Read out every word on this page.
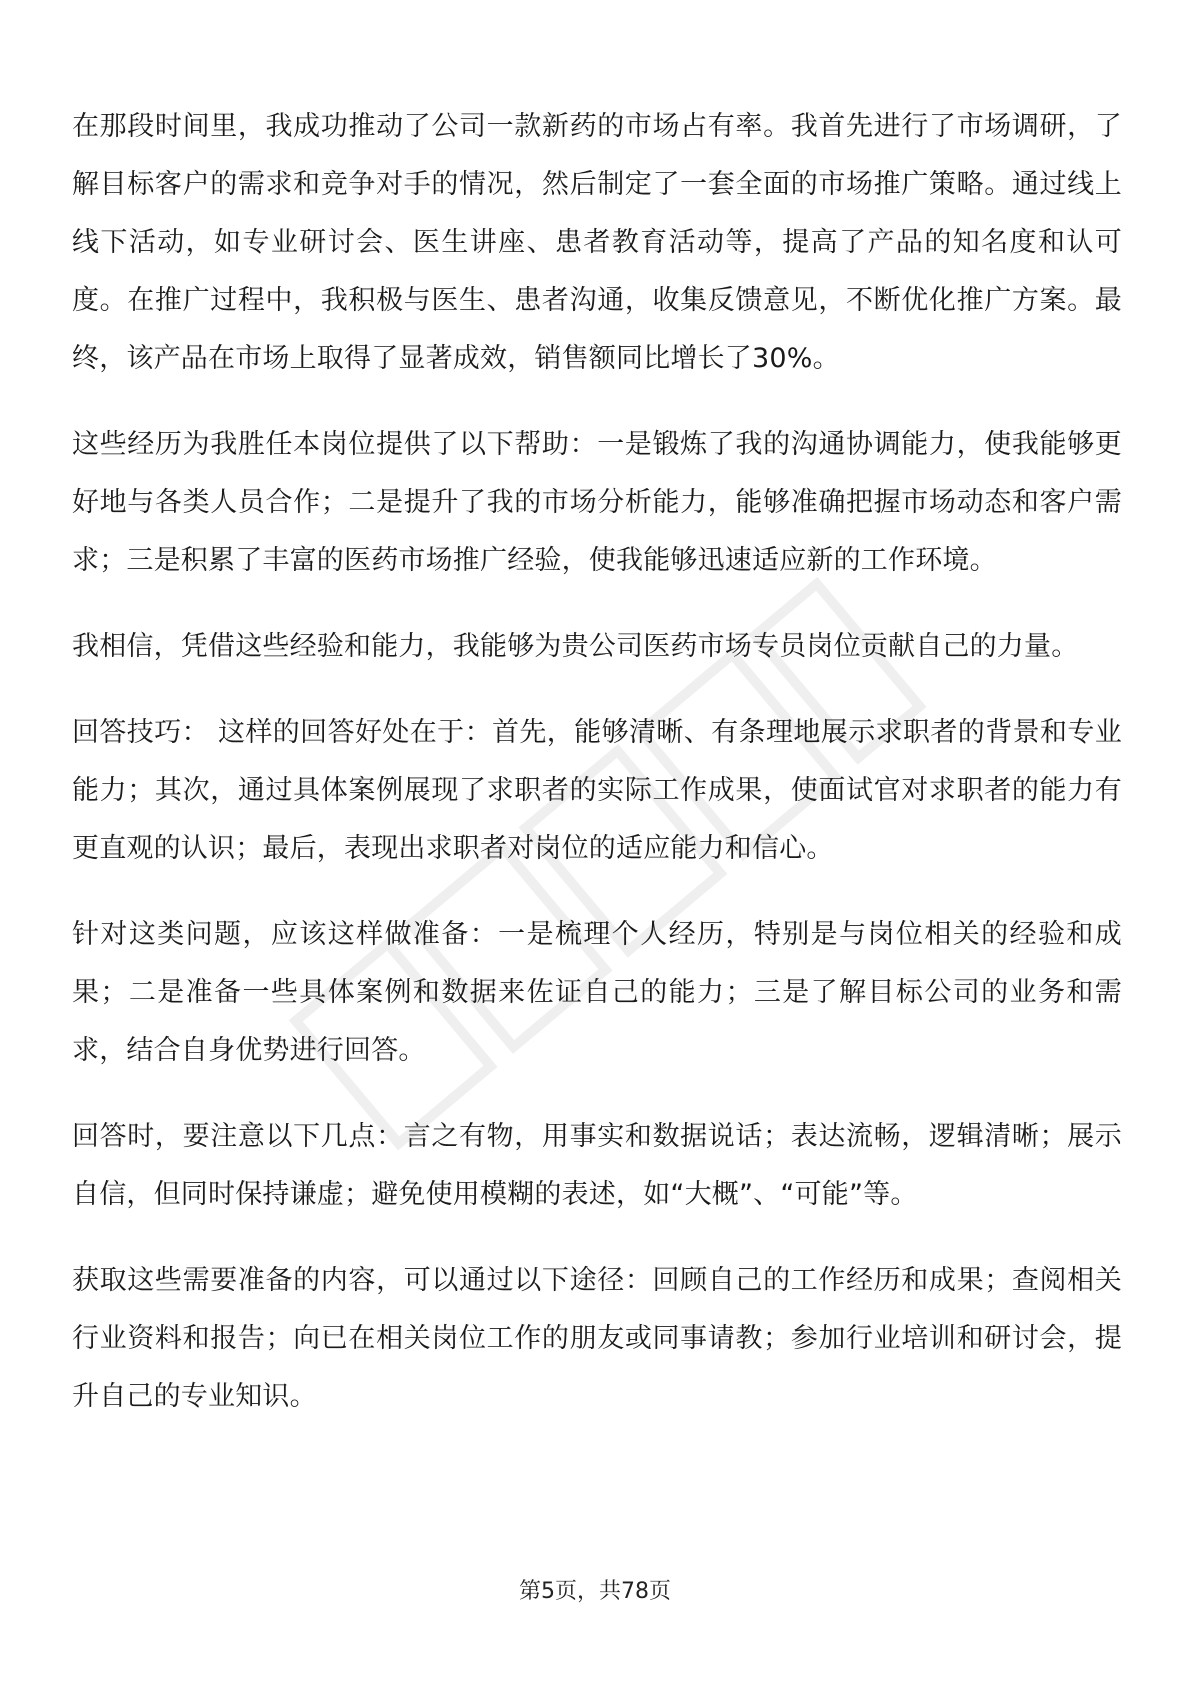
在那段时间里，我成功推动了公司一款新药的市场占有率。我首先进行了市场调研，了解目标客户的需求和竞争对手的情况，然后制定了一套全面的市场推广策略。通过线上线下活动，如专业研讨会、医生讲座、患者教育活动等，提高了产品的知名度和认可度。在推广过程中，我积极与医生、患者沟通，收集反馈意见，不断优化推广方案。最终，该产品在市场上取得了显著成效，销售额同比增长了30%。

这些经历为我胜任本岗位提供了以下帮助：一是锻炼了我的沟通协调能力，使我能够更好地与各类人员合作；二是提升了我的市场分析能力，能够准确把握市场动态和客户需求；三是积累了丰富的医药市场推广经验，使我能够迅速适应新的工作环境。

我相信，凭借这些经验和能力，我能够为贵公司医药市场专员岗位贡献自己的力量。

回答技巧： 这样的回答好处在于：首先，能够清晰、有条理地展示求职者的背景和专业能力；其次，通过具体案例展现了求职者的实际工作成果，使面试官对求职者的能力有更直观的认识；最后，表现出求职者对岗位的适应能力和信心。

针对这类问题，应该这样做准备：一是梳理个人经历，特别是与岗位相关的经验和成果；二是准备一些具体案例和数据来佐证自己的能力；三是了解目标公司的业务和需求，结合自身优势进行回答。

回答时，要注意以下几点：言之有物，用事实和数据说话；表达流畅，逻辑清晰；展示自信，但同时保持谦虚；避免使用模糊的表述，如“大概”、“可能”等。

获取这些需要准备的内容，可以通过以下途径：回顾自己的工作经历和成果；查阅相关行业资料和报告；向已在相关岗位工作的朋友或同事请教；参加行业培训和研讨会，提升自己的专业知识。

第5页，共78页
